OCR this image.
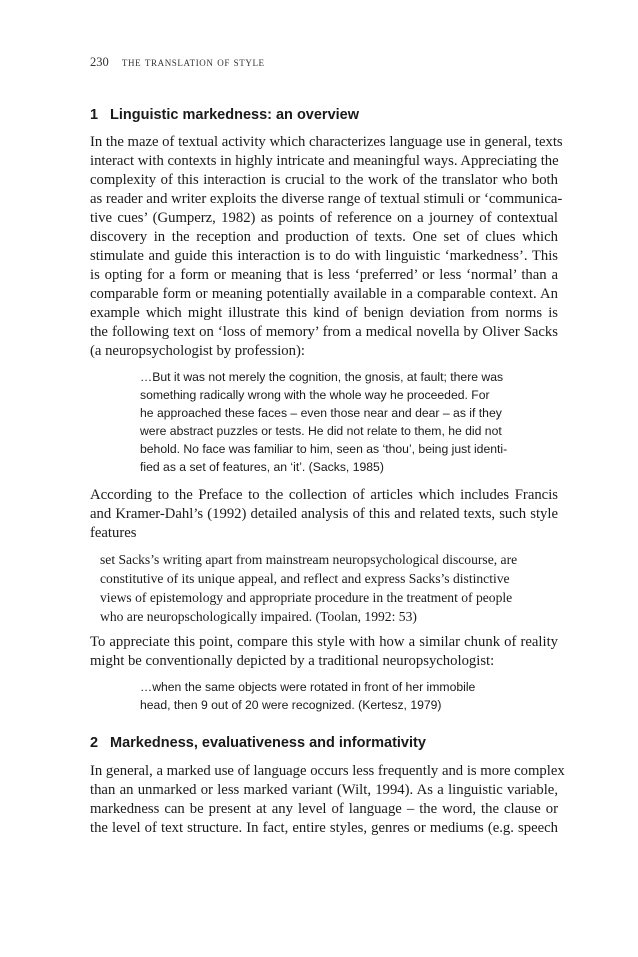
230 the translation of style
1 Linguistic markedness: an overview
In the maze of textual activity which characterizes language use in general, texts
interact with contexts in highly intricate and meaningful ways. Appreciating the
complexity of this interaction is crucial to the work of the translator who both
as reader and writer exploits the diverse range of textual stimuli or ‘communica-
tive cues’ (Gumperz, 1982) as points of reference on a journey of contextual
discovery in the reception and production of texts. One set of clues which
stimulate and guide this interaction is to do with linguistic ‘markedness’. This
is opting for a form or meaning that is less ‘preferred’ or less ‘normal’ than a
comparable form or meaning potentially available in a comparable context. An
example which might illustrate this kind of benign deviation from norms is
the following text on ‘loss of memory’ from a medical novella by Oliver Sacks
(a neuropsychologist by profession):
…But it was not merely the cognition, the gnosis, at fault; there was
something radically wrong with the whole way he proceeded. For
he approached these faces – even those near and dear – as if they
were abstract puzzles or tests. He did not relate to them, he did not
behold. No face was familiar to him, seen as ‘thou’, being just identi-
fied as a set of features, an ‘it’. (Sacks, 1985)
According to the Preface to the collection of articles which includes Francis
and Kramer-Dahl’s (1992) detailed analysis of this and related texts, such style
features
set Sacks’s writing apart from mainstream neuropsychological discourse, are
constitutive of its unique appeal, and reflect and express Sacks’s distinctive
views of epistemology and appropriate procedure in the treatment of people
who are neuropschologically impaired. (Toolan, 1992: 53)
To appreciate this point, compare this style with how a similar chunk of reality
might be conventionally depicted by a traditional neuropsychologist:
…when the same objects were rotated in front of her immobile
head, then 9 out of 20 were recognized. (Kertesz, 1979)
2 Markedness, evaluativeness and informativity
In general, a marked use of language occurs less frequently and is more complex
than an unmarked or less marked variant (Wilt, 1994). As a linguistic variable,
markedness can be present at any level of language – the word, the clause or
the level of text structure. In fact, entire styles, genres or mediums (e.g. speech
